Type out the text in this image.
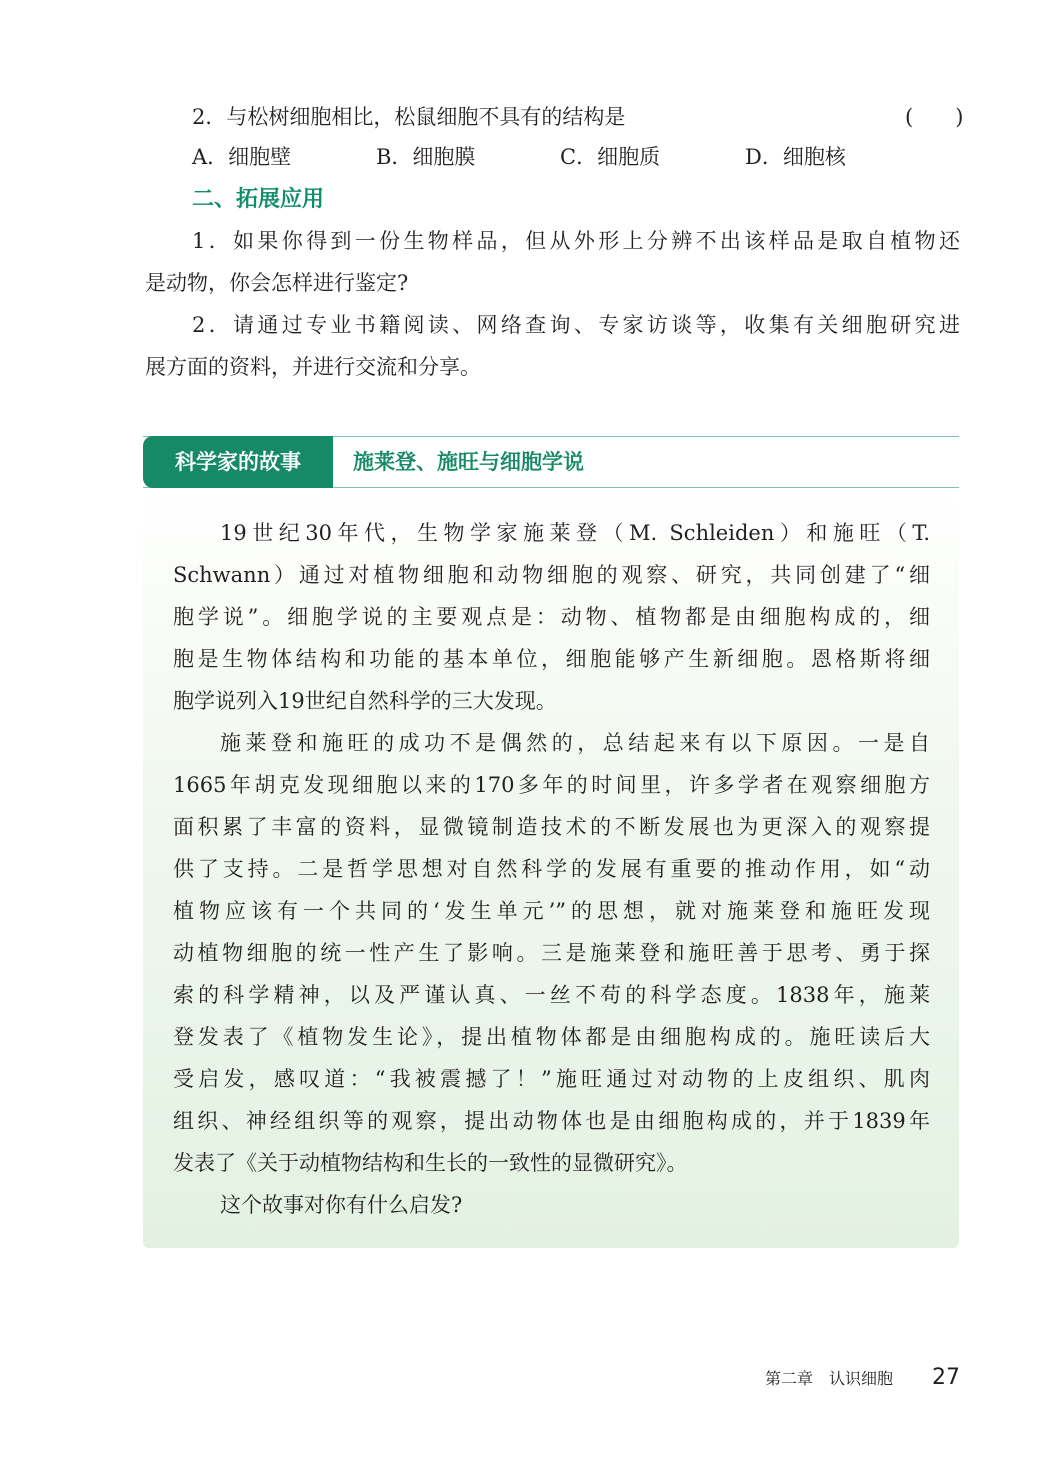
2．与松树细胞相比，松鼠细胞不具有的结构是	(　　)
A．细胞壁	B．细胞膜	C．细胞质	D．细胞核
二、拓展应用
1．如果你得到一份生物样品，但从外形上分辨不出该样品是取自植物还
是动物，你会怎样进行鉴定?
2．请通过专业书籍阅读、网络查询、专家访谈等，收集有关细胞研究进
展方面的资料，并进行交流和分享。
科学家的故事	施莱登、施旺与细胞学说
19世纪30年代，生物学家施莱登（M. Schleiden）和施旺（T.
Schwann）通过对植物细胞和动物细胞的观察、研究，共同创建了“细
胞学说”。细胞学说的主要观点是：动物、植物都是由细胞构成的，细
胞是生物体结构和功能的基本单位，细胞能够产生新细胞。恩格斯将细
胞学说列入19世纪自然科学的三大发现。
施莱登和施旺的成功不是偶然的，总结起来有以下原因。一是自
1665年胡克发现细胞以来的170多年的时间里，许多学者在观察细胞方
面积累了丰富的资料，显微镜制造技术的不断发展也为更深入的观察提
供了支持。二是哲学思想对自然科学的发展有重要的推动作用，如“动
植物应该有一个共同的‘发生单元’”的思想，就对施莱登和施旺发现
动植物细胞的统一性产生了影响。三是施莱登和施旺善于思考、勇于探
索的科学精神，以及严谨认真、一丝不苟的科学态度。1838年，施莱
登发表了《植物发生论》，提出植物体都是由细胞构成的。施旺读后大
受启发，感叹道：“我被震撼了！”施旺通过对动物的上皮组织、肌肉
组织、神经组织等的观察，提出动物体也是由细胞构成的，并于1839年
发表了《关于动植物结构和生长的一致性的显微研究》。
这个故事对你有什么启发?
第二章　认识细胞 27
